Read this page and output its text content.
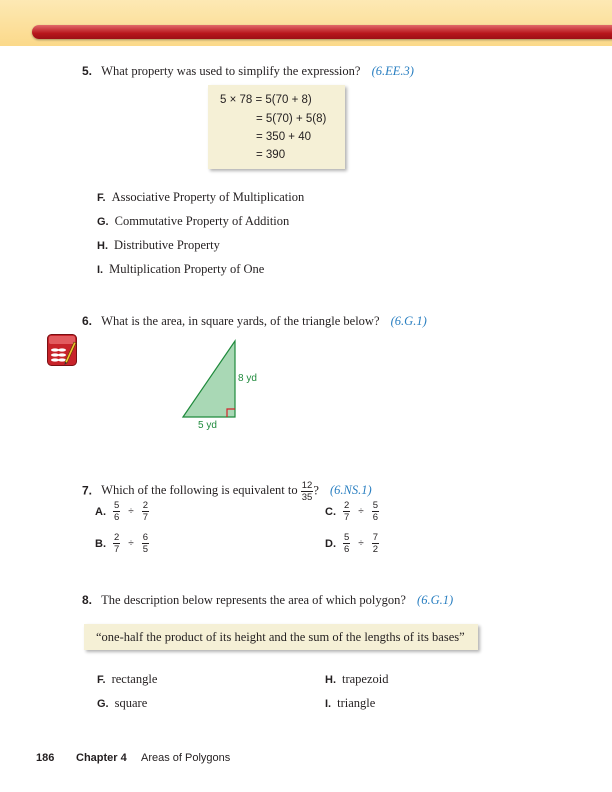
5. What property was used to simplify the expression? (6.EE.3)
5 × 78 = 5(70 + 8)
= 5(70) + 5(8)
= 350 + 40
= 390
F. Associative Property of Multiplication
G. Commutative Property of Addition
H. Distributive Property
I. Multiplication Property of One
6. What is the area, in square yards, of the triangle below? (6.G.1)
8 yd
5 yd
7. Which of the following is equivalent to $\frac{12}{35}$ ? (6.NS.1)
A. $\frac{5}{6} \div \frac{2}{7}$
B. $\frac{2}{7} \div \frac{6}{5}$
C. $\frac{2}{7} \div \frac{5}{6}$
D. $\frac{5}{6} \div \frac{7}{2}$
8. The description below represents the area of which polygon? (6.G.1)
“one-half the product of its height and the sum of the lengths of its bases”
F. rectangle
G. square
H. trapezoid
I. triangle
186 Chapter 4 Areas of Polygons
